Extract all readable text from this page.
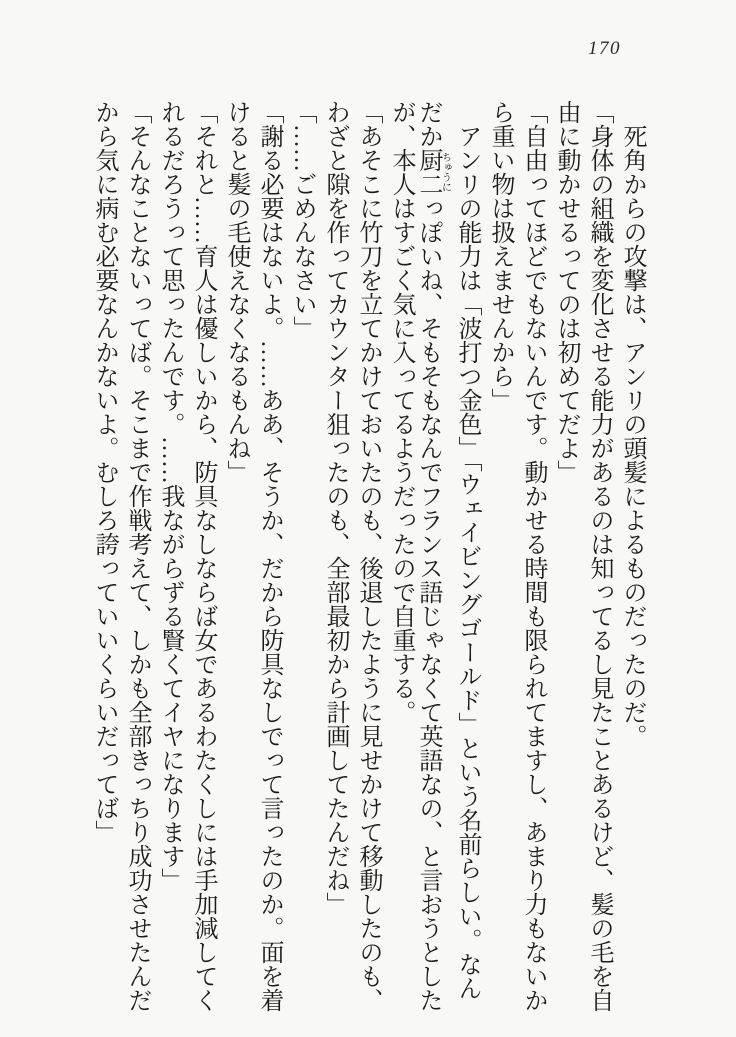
170
　死角からの攻撃は、アンリの頭髪によるものだったのだ。
「身体の組織を変化させる能力があるのは知ってるし見たことあるけど、髪の毛を自
由に動かせるってのは初めてだよ」
「自由ってほどでもないんです。動かせる時間も限られてますし、あまり力もないか
ら重い物は扱えませんから」
　アンリの能力は「波打つ金色」「ウェイビングゴールド」という名前らしい。なん
だか厨二ちゅうにっぽいね、そもそもなんでフランス語じゃなくて英語なの、と言おうとした
が、本人はすごく気に入ってるようだったので自重する。
「あそこに竹刀を立てかけておいたのも、後退したように見せかけて移動したのも、
わざと隙を作ってカウンター狙ったのも、全部最初から計画してたんだね」
「……ごめんなさい」
「謝る必要はないよ。……ああ、そうか、だから防具なしでって言ったのか。面を着
けると髪の毛使えなくなるもんね」
「それと……育人は優しいから、防具なしならば女であるわたくしには手加減してく
れるだろうって思ったんです。……我ながらずる賢くてイヤになります」
「そんなことないってば。そこまで作戦考えて、しかも全部きっちり成功させたんだ
から気に病む必要なんかないよ。むしろ誇っていいくらいだってば」
